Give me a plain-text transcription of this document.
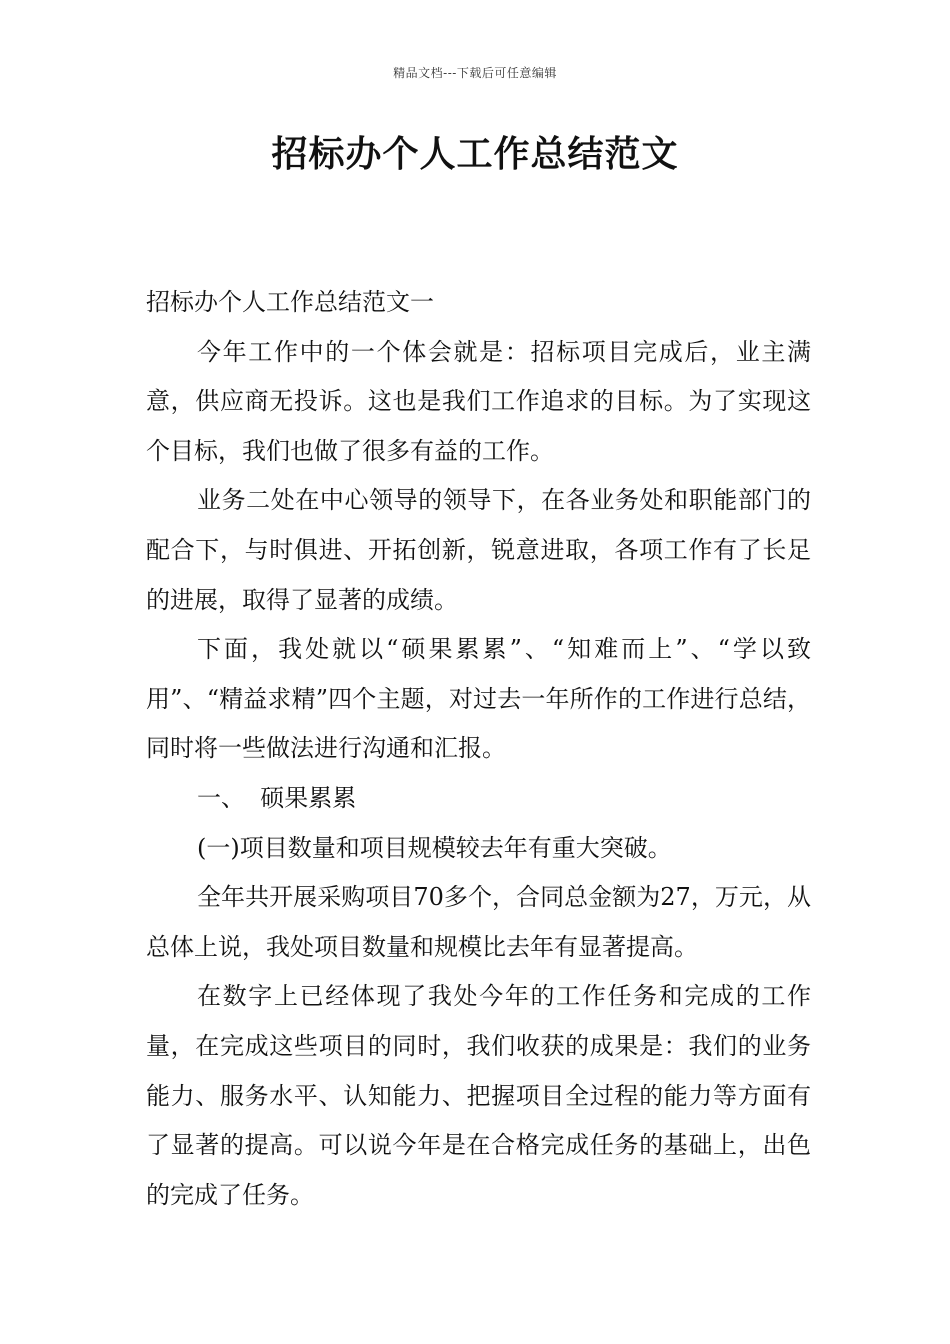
精品文档---下载后可任意编辑
招标办个人工作总结范文

招标办个人工作总结范文一

今年工作中的一个体会就是：招标项目完成后，业主满意，供应商无投诉。这也是我们工作追求的目标。为了实现这个目标，我们也做了很多有益的工作。

业务二处在中心领导的领导下，在各业务处和职能部门的配合下，与时俱进、开拓创新，锐意进取，各项工作有了长足的进展，取得了显著的成绩。

下面，我处就以“硕果累累”、“知难而上”、“学以致用”、“精益求精”四个主题，对过去一年所作的工作进行总结，同时将一些做法进行沟通和汇报。

一、  硕果累累

(一)项目数量和项目规模较去年有重大突破。

全年共开展采购项目70多个，合同总金额为27，万元，从总体上说，我处项目数量和规模比去年有显著提高。

在数字上已经体现了我处今年的工作任务和完成的工作量，在完成这些项目的同时，我们收获的成果是：我们的业务能力、服务水平、认知能力、把握项目全过程的能力等方面有了显著的提高。可以说今年是在合格完成任务的基础上，出色的完成了任务。
